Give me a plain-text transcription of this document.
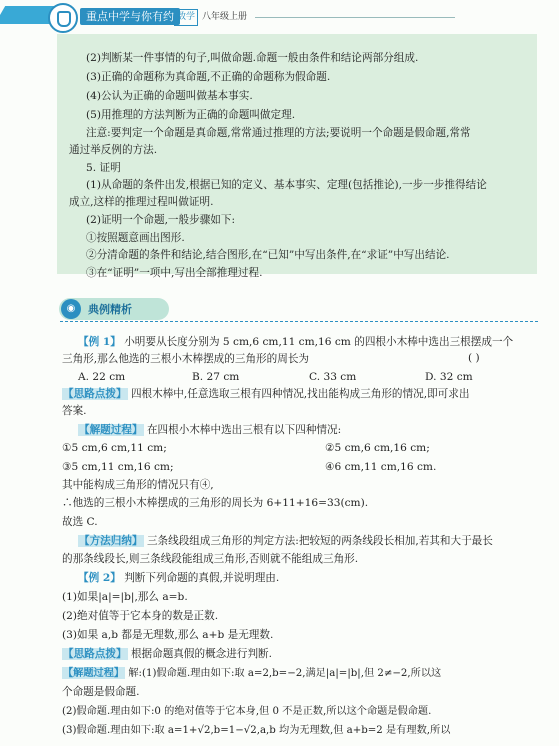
重点中学与你有约 数学 八年级上册
(2)判断某一件事情的句子,叫做命题.命题一般由条件和结论两部分组成.
(3)正确的命题称为真命题,不正确的命题称为假命题.
(4)公认为正确的命题叫做基本事实.
(5)用推理的方法判断为正确的命题叫做定理.
注意:要判定一个命题是真命题,常常通过推理的方法;要说明一个命题是假命题,常常
通过举反例的方法.
5. 证明
(1)从命题的条件出发,根据已知的定义、基本事实、定理(包括推论),一步一步推得结论
成立,这样的推理过程叫做证明.
(2)证明一个命题,一般步骤如下:
①按照题意画出图形.
②分清命题的条件和结论,结合图形,在“已知”中写出条件,在“求证”中写出结论.
③在“证明”一项中,写出全部推理过程.
◉	典例精析
【例 1】 小明要从长度分别为 5 cm,6 cm,11 cm,16 cm 的四根小木棒中选出三根摆成一个
三角形,那么他选的三根小木棒摆成的三角形的周长为	( )
A. 22 cm	B. 27 cm	C. 33 cm	D. 32 cm
【思路点拨】 四根木棒中,任意选取三根有四种情况,找出能构成三角形的情况,即可求出
答案.
【解题过程】 在四根小木棒中选出三根有以下四种情况:
①5 cm,6 cm,11 cm;	②5 cm,6 cm,16 cm;
③5 cm,11 cm,16 cm;	④6 cm,11 cm,16 cm.
其中能构成三角形的情况只有④,
∴他选的三根小木棒摆成的三角形的周长为 6+11+16=33(cm).
故选 C.
【方法归纳】 三条线段组成三角形的判定方法:把较短的两条线段长相加,若其和大于最长
的那条线段长,则三条线段能组成三角形,否则就不能组成三角形.
【例 2】 判断下列命题的真假,并说明理由.
(1)如果|a|=|b|,那么 a=b.
(2)绝对值等于它本身的数是正数.
(3)如果 a,b 都是无理数,那么 a+b 是无理数.
【思路点拨】 根据命题真假的概念进行判断.
【解题过程】 解:(1)假命题.理由如下:取 a=2,b=−2,满足|a|=|b|,但 2≠−2,所以这
个命题是假命题.
(2)假命题.理由如下:0 的绝对值等于它本身,但 0 不是正数,所以这个命题是假命题.
(3)假命题.理由如下:取 a=1+√2,b=1−√2,a,b 均为无理数,但 a+b=2 是有理数,所以
